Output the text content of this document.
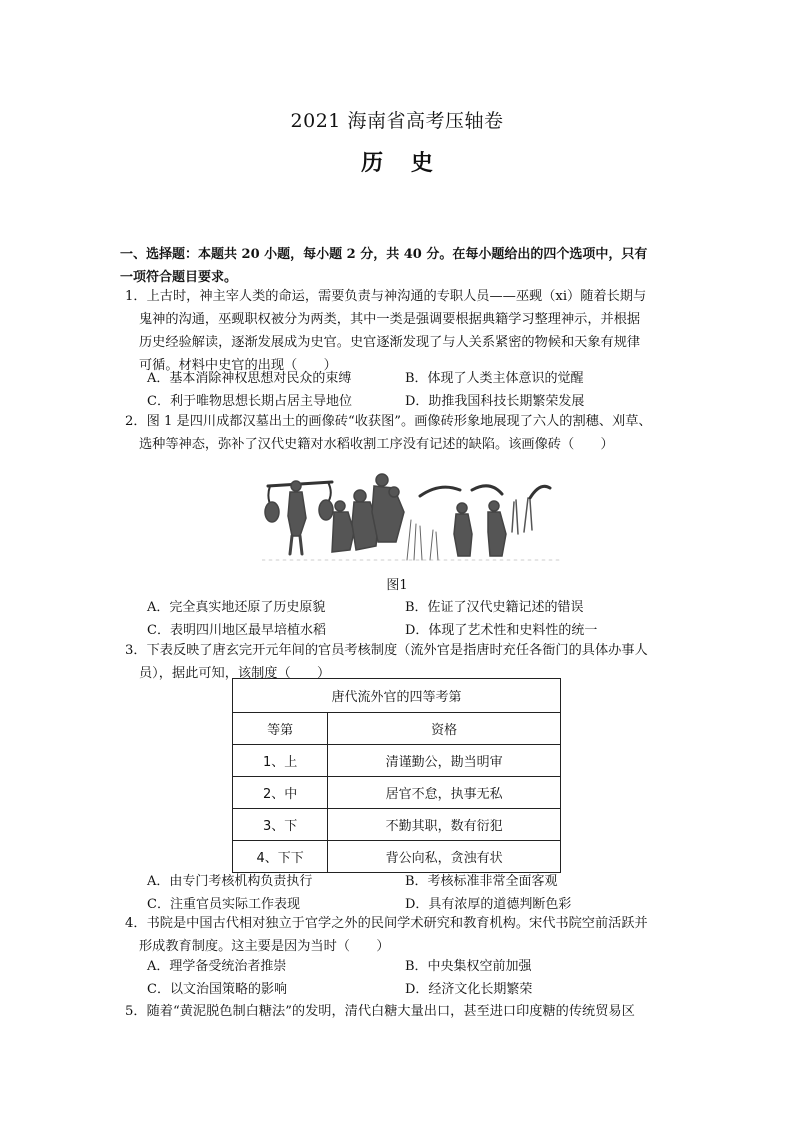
2021 海南省高考压轴卷
历 史
一、选择题：本题共 20 小题，每小题 2 分，共 40 分。在每小题给出的四个选项中，只有
一项符合题目要求。
1．上古时，神主宰人类的命运，需要负责与神沟通的专职人员——巫觋（xi）随着长期与
鬼神的沟通，巫觋职权被分为两类，其中一类是强调要根据典籍学习整理神示，并根据
历史经验解读，逐渐发展成为史官。史官逐渐发现了与人关系紧密的物候和天象有规律
可循。材料中史官的出现（　　）
A．基本消除神权思想对民众的束缚	B．体现了人类主体意识的觉醒
C．利于唯物思想长期占居主导地位	D．助推我国科技长期繁荣发展
2．图 1 是四川成都汉墓出土的画像砖“收获图”。画像砖形象地展现了六人的割穗、刈草、
选种等神态，弥补了汉代史籍对水稻收割工序没有记述的缺陷。该画像砖（　　）
图1
A．完全真实地还原了历史原貌	B．佐证了汉代史籍记述的错误
C．表明四川地区最早培植水稻	D．体现了艺术性和史料性的统一
3．下表反映了唐玄完开元年间的官员考核制度（流外官是指唐时充任各衙门的具体办事人
员），据此可知，该制度（　　）
唐代流外官的四等考第	
等第	资格
1、上	清谨勤公，勘当明审
2、中	居官不怠，执事无私
3、下	不勤其职，数有衍犯
4、下下	背公向私，贪浊有状
A．由专门考核机构负责执行	B．考核标准非常全面客观
C．注重官员实际工作表现	D．具有浓厚的道德判断色彩
4．书院是中国古代相对独立于官学之外的民间学术研究和教育机构。宋代书院空前活跃并
形成教育制度。这主要是因为当时（　　）
A．理学备受统治者推崇	B．中央集权空前加强
C．以文治国策略的影响	D．经济文化长期繁荣
5．随着“黄泥脱色制白糖法”的发明，清代白糖大量出口，甚至进口印度糖的传统贸易区
